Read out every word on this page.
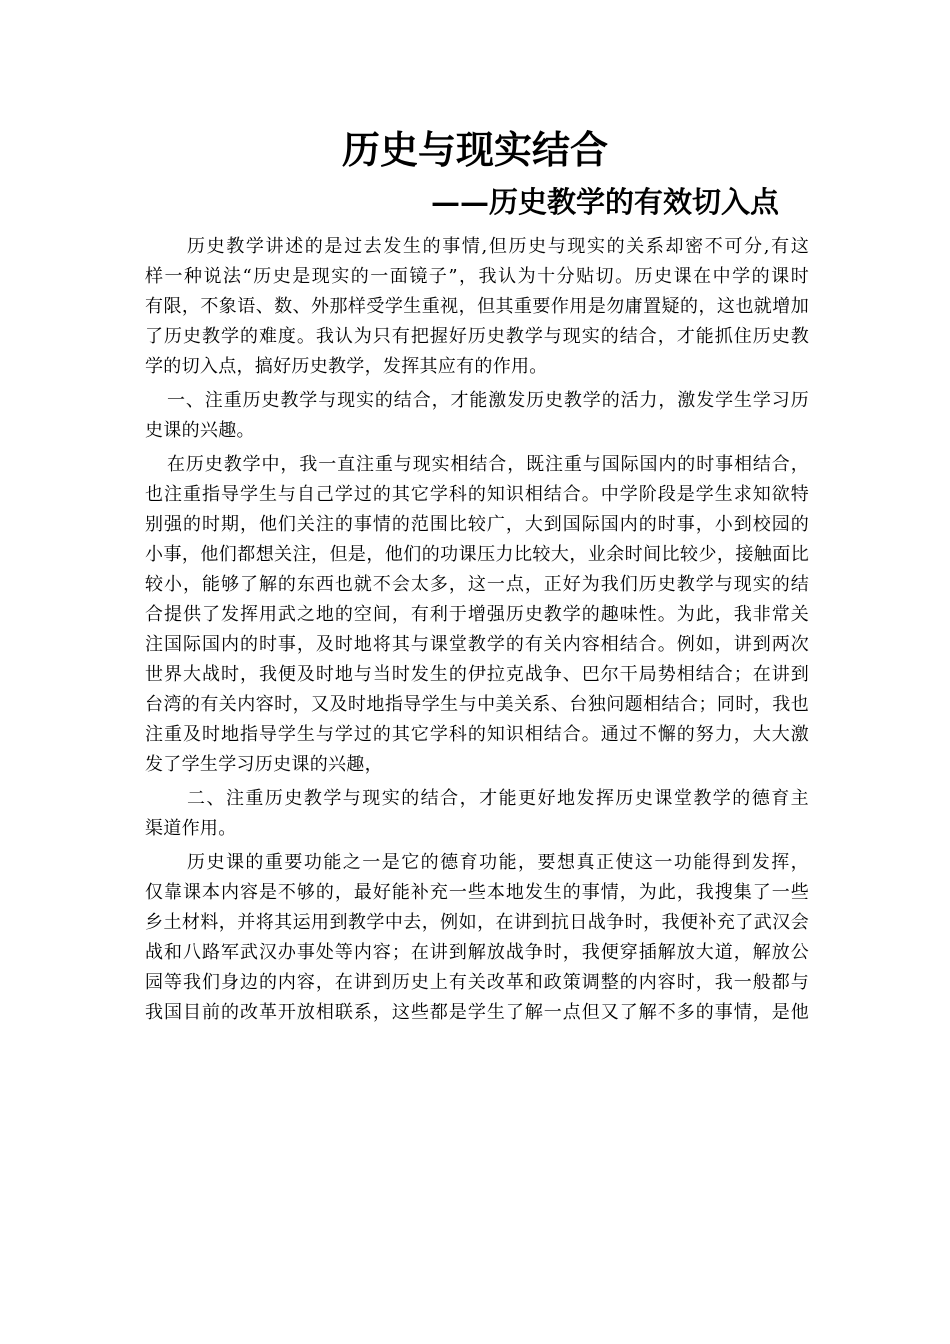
历史与现实结合
——历史教学的有效切入点

历史教学讲述的是过去发生的事情,但历史与现实的关系却密不可分,有这
样一种说法“历史是现实的一面镜子”，我认为十分贴切。历史课在中学的课时
有限，不象语、数、外那样受学生重视，但其重要作用是勿庸置疑的，这也就增加
了历史教学的难度。我认为只有把握好历史教学与现实的结合，才能抓住历史教
学的切入点，搞好历史教学，发挥其应有的作用。

一、注重历史教学与现实的结合，才能激发历史教学的活力，激发学生学习历
史课的兴趣。

在历史教学中，我一直注重与现实相结合，既注重与国际国内的时事相结合，
也注重指导学生与自己学过的其它学科的知识相结合。中学阶段是学生求知欲特
别强的时期，他们关注的事情的范围比较广，大到国际国内的时事，小到校园的
小事，他们都想关注，但是，他们的功课压力比较大，业余时间比较少，接触面比
较小，能够了解的东西也就不会太多，这一点，正好为我们历史教学与现实的结
合提供了发挥用武之地的空间，有利于增强历史教学的趣味性。为此，我非常关
注国际国内的时事，及时地将其与课堂教学的有关内容相结合。例如，讲到两次
世界大战时，我便及时地与当时发生的伊拉克战争、巴尔干局势相结合；在讲到
台湾的有关内容时，又及时地指导学生与中美关系、台独问题相结合；同时，我也
注重及时地指导学生与学过的其它学科的知识相结合。通过不懈的努力，大大激
发了学生学习历史课的兴趣，

二、注重历史教学与现实的结合，才能更好地发挥历史课堂教学的德育主
渠道作用。

历史课的重要功能之一是它的德育功能，要想真正使这一功能得到发挥，
仅靠课本内容是不够的，最好能补充一些本地发生的事情，为此，我搜集了一些
乡土材料，并将其运用到教学中去，例如，在讲到抗日战争时，我便补充了武汉会
战和八路军武汉办事处等内容；在讲到解放战争时，我便穿插解放大道，解放公
园等我们身边的内容，在讲到历史上有关改革和政策调整的内容时，我一般都与
我国目前的改革开放相联系，这些都是学生了解一点但又了解不多的事情，是他
